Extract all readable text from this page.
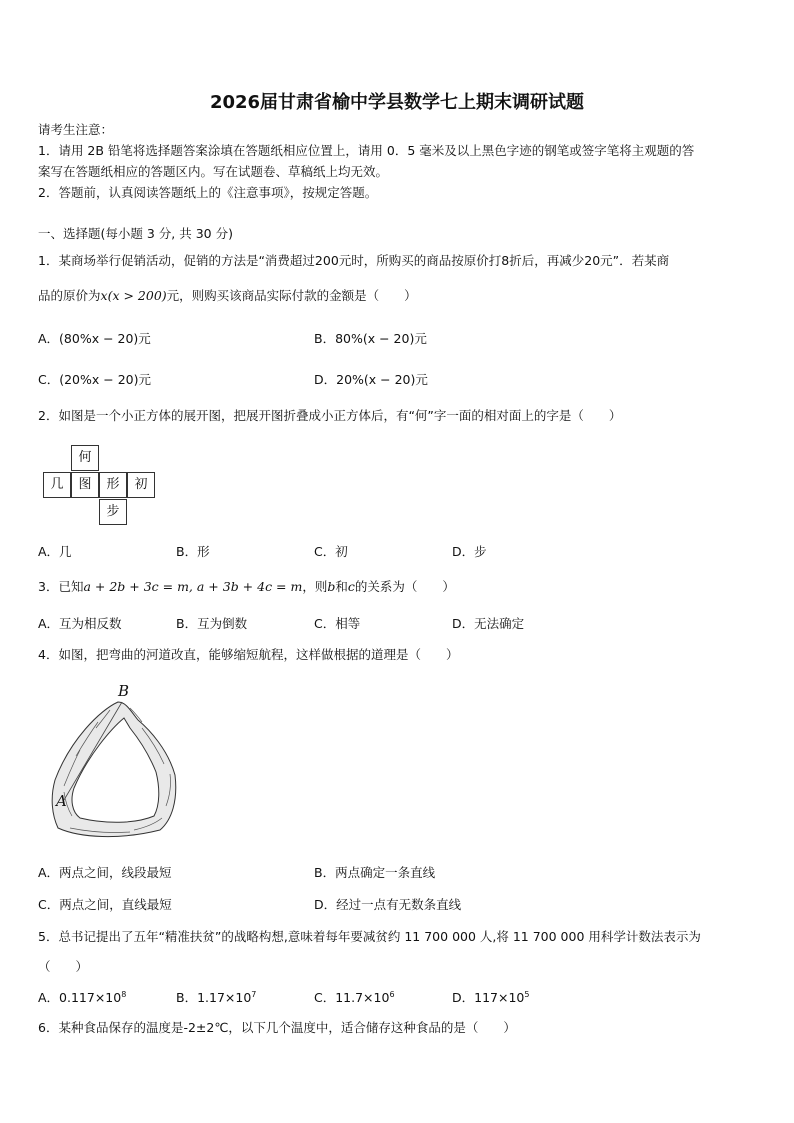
2026届甘肃省榆中学县数学七上期末调研试题
请考生注意：
1．请用 2B 铅笔将选择题答案涂填在答题纸相应位置上，请用 0．5 毫米及以上黑色字迹的钢笔或签字笔将主观题的答
案写在答题纸相应的答题区内。写在试题卷、草稿纸上均无效。
2．答题前，认真阅读答题纸上的《注意事项》，按规定答题。
一、选择题(每小题 3 分, 共 30 分)
1．某商场举行促销活动，促销的方法是“消费超过200元时，所购买的商品按原价打8折后，再减少20元”．若某商
品的原价为x(x > 200)元，则购买该商品实际付款的金额是（　　）
A．(80%x − 20)元	B．80%(x − 20)元
C．(20%x − 20)元	D．20%(x − 20)元
2．如图是一个小正方体的展开图，把展开图折叠成小正方体后，有“何”字一面的相对面上的字是（　　）
何
几	图	形	初
步
A．几	B．形	C．初	D．步
3．已知a + 2b + 3c = m, a + 3b + 4c = m，则b和c的关系为（　　）
A．互为相反数	B．互为倒数	C．相等	D．无法确定
4．如图，把弯曲的河道改直，能够缩短航程，这样做根据的道理是（　　）
B
A
A．两点之间，线段最短	B．两点确定一条直线
C．两点之间，直线最短	D．经过一点有无数条直线
5．总书记提出了五年“精准扶贫”的战略构想,意味着每年要减贫约 11 700 000 人,将 11 700 000 用科学计数法表示为
（　　）
A．$0.117\times 10^8$	B．$1.17\times 10^7$	C．$11.7\times 10^6$	D．$117\times 10^5$
6．某种食品保存的温度是-2±2℃，以下几个温度中，适合储存这种食品的是（　　）
